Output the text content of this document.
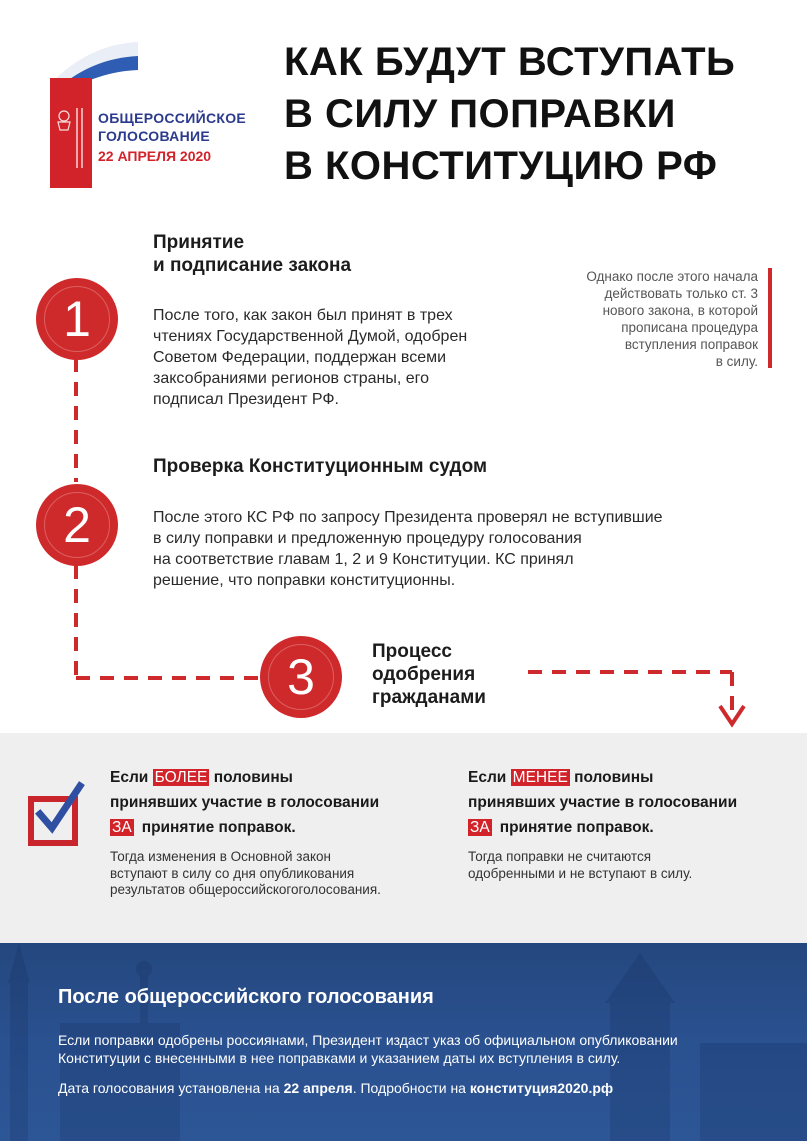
ОБЩЕРОССИЙСКОЕ
ГОЛОСОВАНИЕ
22 АПРЕЛЯ 2020
КАК БУДУТ ВСТУПАТЬ
В СИЛУ ПОПРАВКИ
В КОНСТИТУЦИЮ РФ
1
Принятие
и подписание закона
После того, как закон был принят в трех
чтениях Государственной Думой, одобрен
Советом Федерации, поддержан всеми
заксобраниями регионов страны, его
подписал Президент РФ.
Однако после этого начала
действовать только ст. 3
нового закона, в которой
прописана процедура
вступления поправок
в силу.
2
Проверка Конституционным судом
После этого КС РФ по запросу Президента проверял не вступившие
в силу поправки и предложенную процедуру голосования
на соответствие главам 1, 2 и 9 Конституции. КС принял
решение, что поправки конституционны.
3	Процесс
одобрения
гражданами
Если БОЛЕЕ половины
принявших участие в голосовании
ЗА принятие поправок.
Тогда изменения в Основной закон
вступают в силу со дня опубликования
результатов общероссийскогоголосования.
Если МЕНЕЕ половины
принявших участие в голосовании
ЗА принятие поправок.
Тогда поправки не считаются
одобренными и не вступают в силу.
После общероссийского голосования
Если поправки одобрены россиянами, Президент издаст указ об официальном опубликовании
Конституции с внесенными в нее поправками и указанием даты их вступления в силу.
Дата голосования установлена на 22 апреля. Подробности на конституция2020.рф
